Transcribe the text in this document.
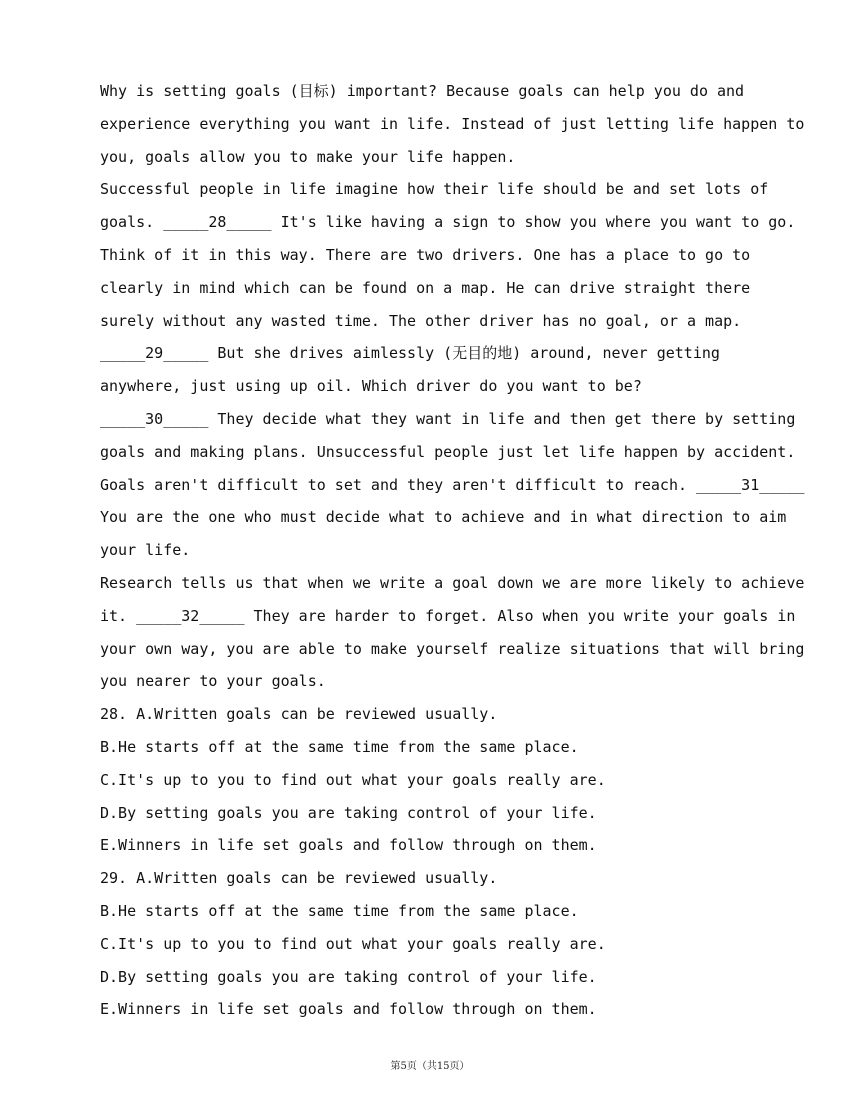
Why is setting goals (目标) important? Because goals can help you do and
experience everything you want in life. Instead of just letting life happen to
you, goals allow you to make your life happen.
Successful people in life imagine how their life should be and set lots of
goals. _____28_____ It's like having a sign to show you where you want to go.
Think of it in this way. There are two drivers. One has a place to go to
clearly in mind which can be found on a map. He can drive straight there
surely without any wasted time. The other driver has no goal, or a map.
_____29_____ But she drives aimlessly (无目的地) around, never getting
anywhere, just using up oil. Which driver do you want to be?
_____30_____ They decide what they want in life and then get there by setting
goals and making plans. Unsuccessful people just let life happen by accident.
Goals aren't difficult to set and they aren't difficult to reach. _____31_____
You are the one who must decide what to achieve and in what direction to aim
your life.
Research tells us that when we write a goal down we are more likely to achieve
it. _____32_____ They are harder to forget. Also when you write your goals in
your own way, you are able to make yourself realize situations that will bring
you nearer to your goals.
28. A.Written goals can be reviewed usually.
B.He starts off at the same time from the same place.
C.It's up to you to find out what your goals really are.
D.By setting goals you are taking control of your life.
E.Winners in life set goals and follow through on them.
29. A.Written goals can be reviewed usually.
B.He starts off at the same time from the same place.
C.It's up to you to find out what your goals really are.
D.By setting goals you are taking control of your life.
E.Winners in life set goals and follow through on them.
第5页（共15页）
